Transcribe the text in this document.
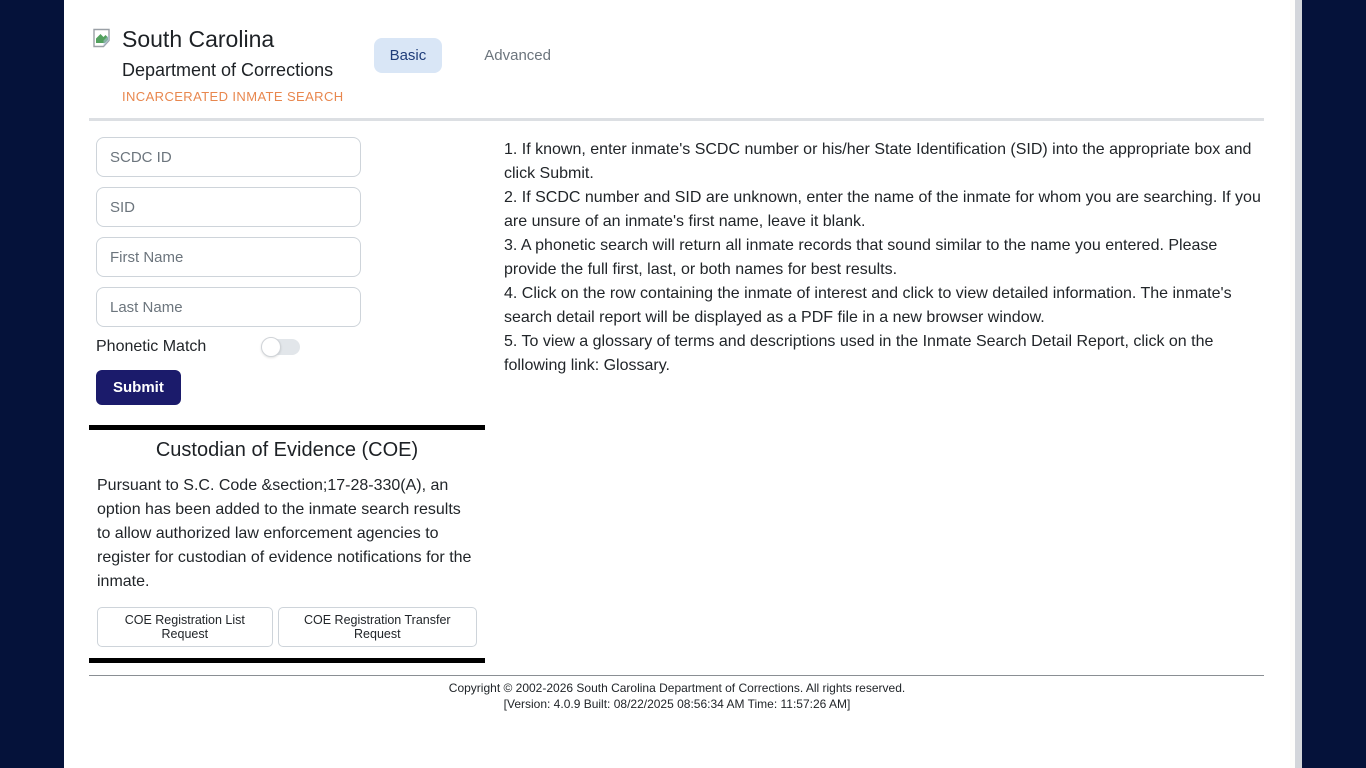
South Carolina
Department of Corrections
INCARCERATED INMATE SEARCH
Basic	Advanced
SCDC ID
SID
First Name
Last Name
Phonetic Match
Submit
Custodian of Evidence (COE)

Pursuant to S.C. Code &section;17-28-330(A), an option has been added to the inmate search results to allow authorized law enforcement agencies to register for custodian of evidence notifications for the inmate.

COE Registration List Request
COE Registration Transfer Request

1. If known, enter inmate's SCDC number or his/her State Identification (SID) into the appropriate box and click Submit.

2. If SCDC number and SID are unknown, enter the name of the inmate for whom you are searching. If you are unsure of an inmate's first name, leave it blank.

3. A phonetic search will return all inmate records that sound similar to the name you entered. Please provide the full first, last, or both names for best results.

4. Click on the row containing the inmate of interest and click to view detailed information. The inmate's search detail report will be displayed as a PDF file in a new browser window.

5. To view a glossary of terms and descriptions used in the Inmate Search Detail Report, click on the following link: Glossary.

Copyright © 2002-2026 South Carolina Department of Corrections. All rights reserved.

[Version: 4.0.9 Built: 08/22/2025 08:56:34 AM Time: 11:57:26 AM]
